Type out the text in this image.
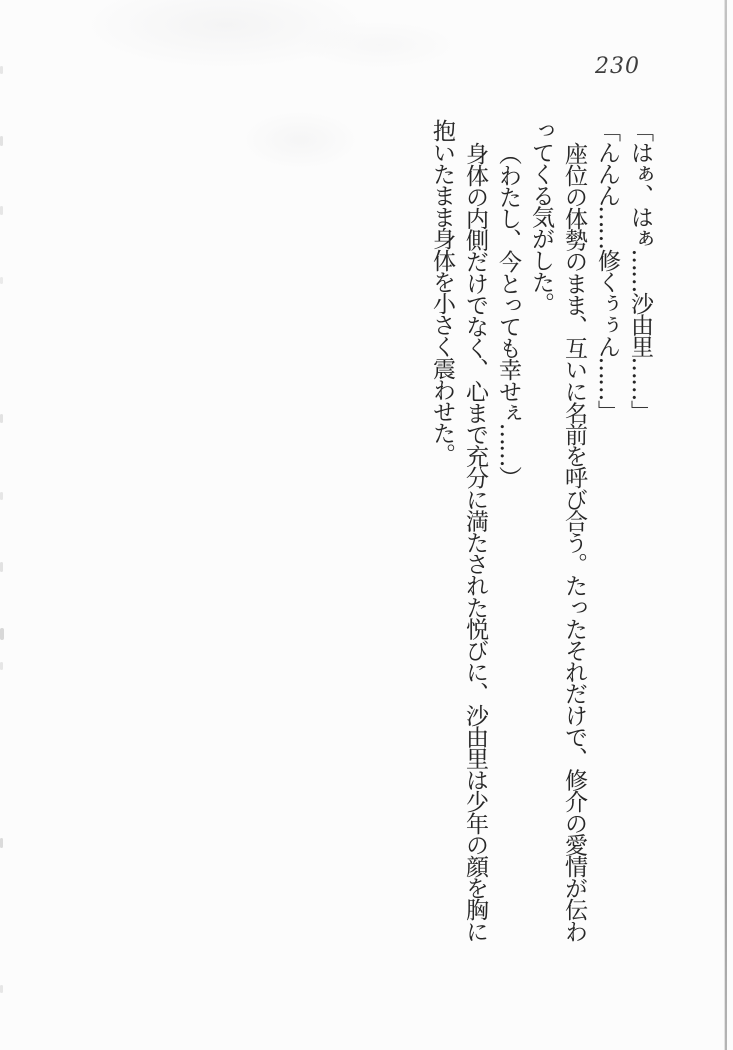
230

「はぁ、はぁ……沙由里……」

「んんん……修くぅぅん……」

座位の体勢のまま、互いに名前を呼び合う。たったそれだけで、修介の愛情が伝わ

ってくる気がした。

（わたし、今とっても幸せぇ……）

身体の内側だけでなく、心まで充分に満たされた悦びに、沙由里は少年の顔を胸に

抱いたまま身体を小さく震わせた。
